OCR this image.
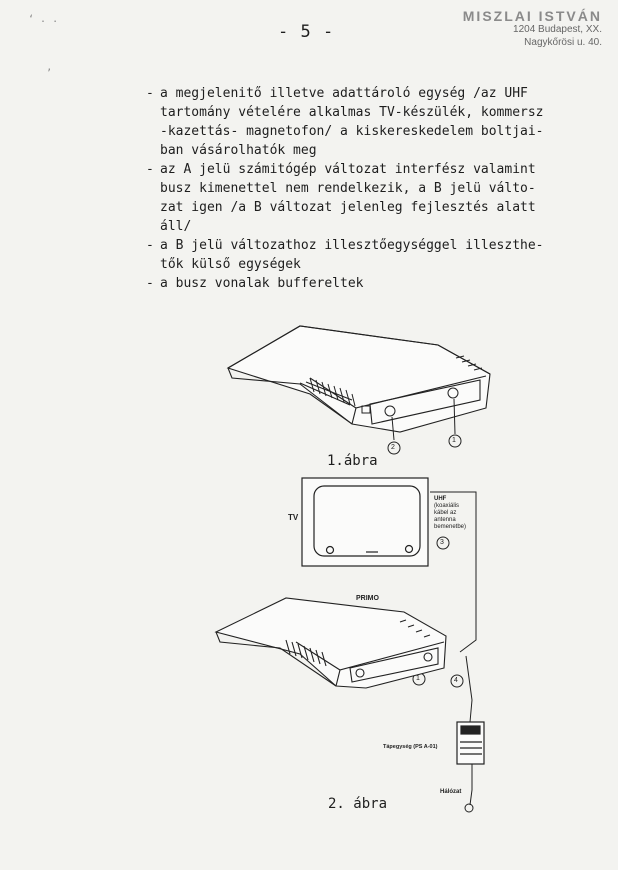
- 5 -
MISZLAI ISTVÁN
1204 Budapest, XX.
Nagykőrösi u. 40.
‘ . .
’
- a megjelenitő illetve adattároló egység /az UHF
tartomány vételére alkalmas TV-készülék, kommersz
-kazettás- magnetofon/ a kiskereskedelem boltjai-
ban vásárolhatók meg
- az A jelü számitógép változat interfész valamint
busz kimenettel nem rendelkezik, a B jelü válto-
zat igen /a B változat jelenleg fejlesztés alatt
áll/
- a B jelü változathoz illesztőegységgel illeszthe-
tők külső egységek
- a busz vonalak buffereltek
2
1
1.ábra
TV
UHF
(koaxiális
kábel az
antenna
bemenetbe)
3
PRIMO
1	4
Tápegység (PS A-01)
Hálózat
2. ábra
